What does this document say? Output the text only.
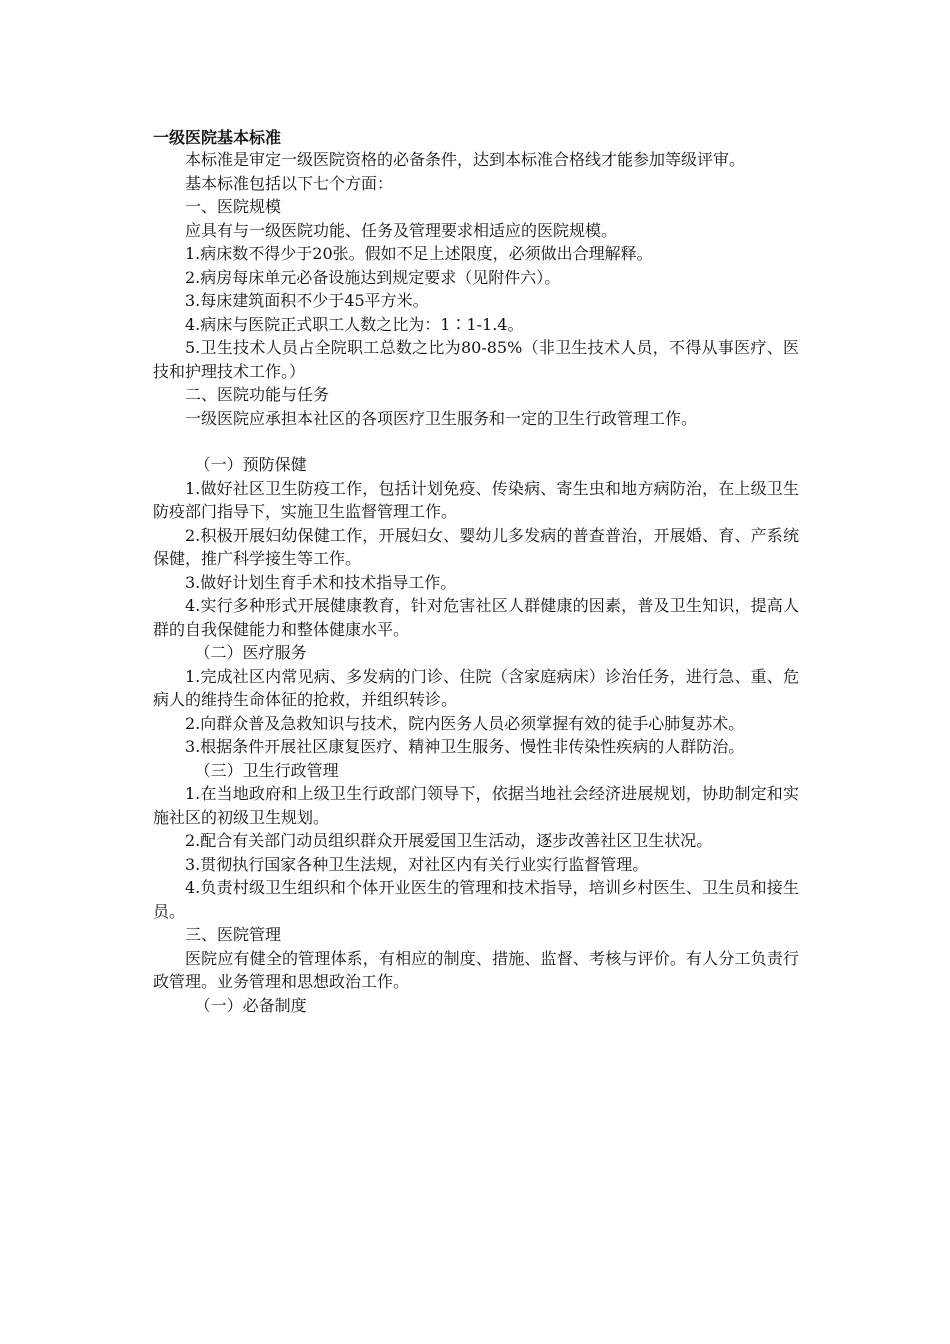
一级医院基本标准

本标准是审定一级医院资格的必备条件，达到本标准合格线才能参加等级评审。

基本标准包括以下七个方面：

一、医院规模

应具有与一级医院功能、任务及管理要求相适应的医院规模。

1.病床数不得少于20张。假如不足上述限度，必须做出合理解释。

2.病房每床单元必备设施达到规定要求（见附件六）。

3.每床建筑面积不少于45平方米。

4.病床与医院正式职工人数之比为：1∶1-1.4。

5.卫生技术人员占全院职工总数之比为80-85%（非卫生技术人员，不得从事医疗、医技和护理技术工作。）

二、医院功能与任务

一级医院应承担本社区的各项医疗卫生服务和一定的卫生行政管理工作。

（一）预防保健

1.做好社区卫生防疫工作，包括计划免疫、传染病、寄生虫和地方病防治，在上级卫生防疫部门指导下，实施卫生监督管理工作。

2.积极开展妇幼保健工作，开展妇女、婴幼儿多发病的普查普治，开展婚、育、产系统保健，推广科学接生等工作。

3.做好计划生育手术和技术指导工作。

4.实行多种形式开展健康教育，针对危害社区人群健康的因素，普及卫生知识，提高人群的自我保健能力和整体健康水平。

（二）医疗服务

1.完成社区内常见病、多发病的门诊、住院（含家庭病床）诊治任务，进行急、重、危病人的维持生命体征的抢救，并组织转诊。

2.向群众普及急救知识与技术，院内医务人员必须掌握有效的徒手心肺复苏术。

3.根据条件开展社区康复医疗、精神卫生服务、慢性非传染性疾病的人群防治。

（三）卫生行政管理

1.在当地政府和上级卫生行政部门领导下，依据当地社会经济进展规划，协助制定和实施社区的初级卫生规划。

2.配合有关部门动员组织群众开展爱国卫生活动，逐步改善社区卫生状况。

3.贯彻执行国家各种卫生法规，对社区内有关行业实行监督管理。

4.负责村级卫生组织和个体开业医生的管理和技术指导，培训乡村医生、卫生员和接生员。

三、医院管理

医院应有健全的管理体系，有相应的制度、措施、监督、考核与评价。有人分工负责行政管理。业务管理和思想政治工作。

（一）必备制度
